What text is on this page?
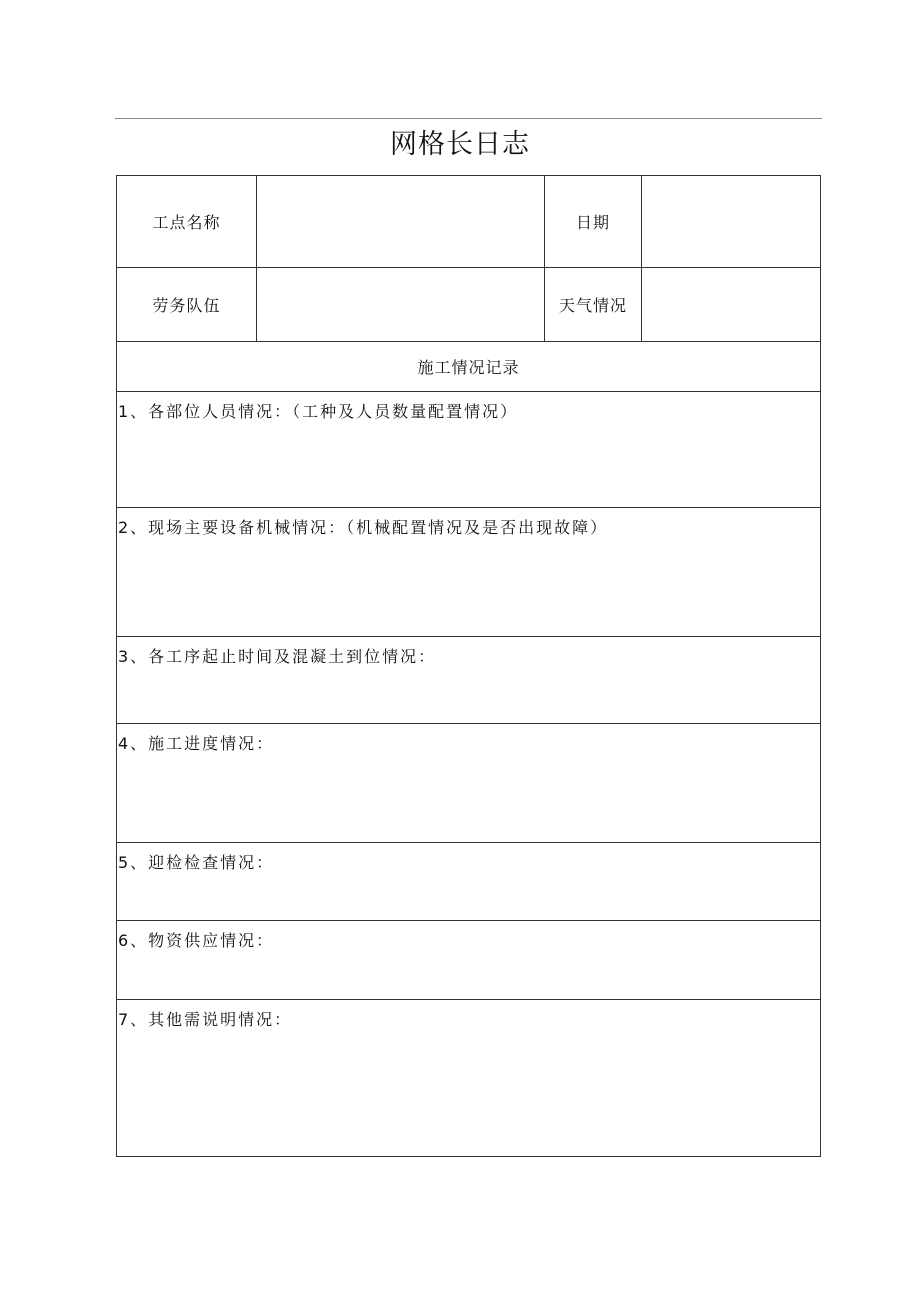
网格长日志
工点名称		日期	
劳务队伍		天气情况	
施工情况记录			

1、各部位人员情况：（工种及人员数量配置情况）			

2、现场主要设备机械情况：（机械配置情况及是否出现故障）			

3、各工序起止时间及混凝土到位情况：			

4、施工进度情况：			

5、迎检检查情况：			

6、物资供应情况：			

7、其他需说明情况：			
